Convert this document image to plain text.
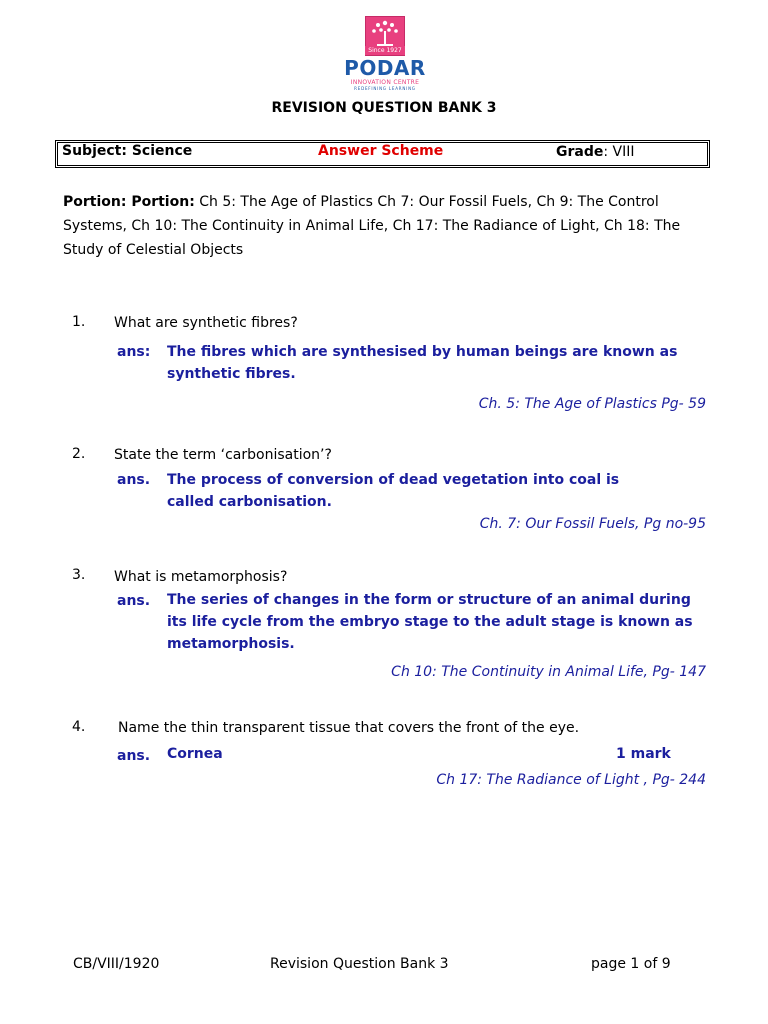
Since 1927
PODAR
INNOVATION CENTRE
REDEFINING LEARNING
REVISION QUESTION BANK 3
Subject: Science	Answer Scheme	Grade: VIII
Portion: Portion: Ch 5: The Age of Plastics Ch 7: Our Fossil Fuels, Ch 9: The Control Systems, Ch 10: The Continuity in Animal Life, Ch 17: The Radiance of Light, Ch 18: The Study of Celestial Objects
1. What are synthetic fibres?
ans: The fibres which are synthesised by human beings are known as synthetic fibres.
Ch. 5: The Age of Plastics Pg- 59
2. State the term ‘carbonisation’?
ans. The process of conversion of dead vegetation into coal is called carbonisation.
Ch. 7: Our Fossil Fuels, Pg no-95
3. What is metamorphosis?
ans. The series of changes in the form or structure of an animal during its life cycle from the embryo stage to the adult stage is known as metamorphosis.
Ch 10: The Continuity in Animal Life, Pg- 147
4. Name the thin transparent tissue that covers the front of the eye.
ans. Cornea	1 mark
Ch 17: The Radiance of Light , Pg- 244
CB/VIII/1920	Revision Question Bank 3	page 1 of 9
